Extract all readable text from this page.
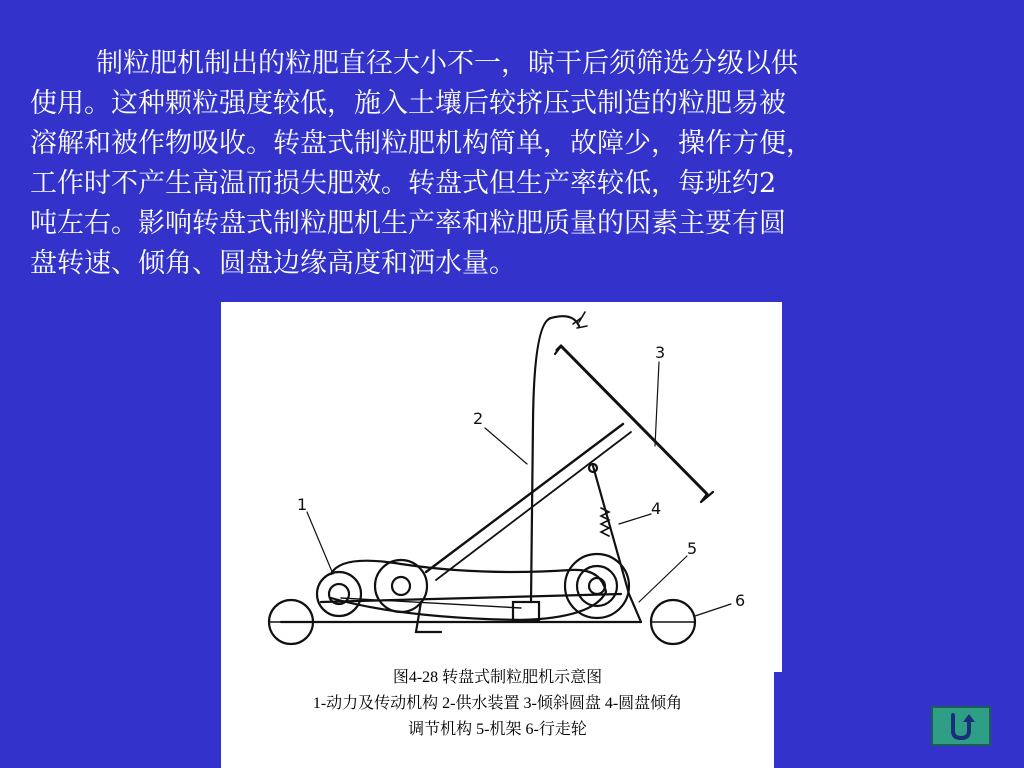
制粒肥机制出的粒肥直径大小不一，晾干后须筛选分级以供
使用。这种颗粒强度较低，施入土壤后较挤压式制造的粒肥易被
溶解和被作物吸收。转盘式制粒肥机构简单，故障少，操作方便，
工作时不产生高温而损失肥效。转盘式但生产率较低，每班约2
吨左右。影响转盘式制粒肥机生产率和粒肥质量的因素主要有圆
盘转速、倾角、圆盘边缘高度和洒水量。
1
2
3
4
5
6
图4-28 转盘式制粒肥机示意图
1-动力及传动机构 2-供水装置 3-倾斜圆盘 4-圆盘倾角
调节机构 5-机架 6-行走轮
